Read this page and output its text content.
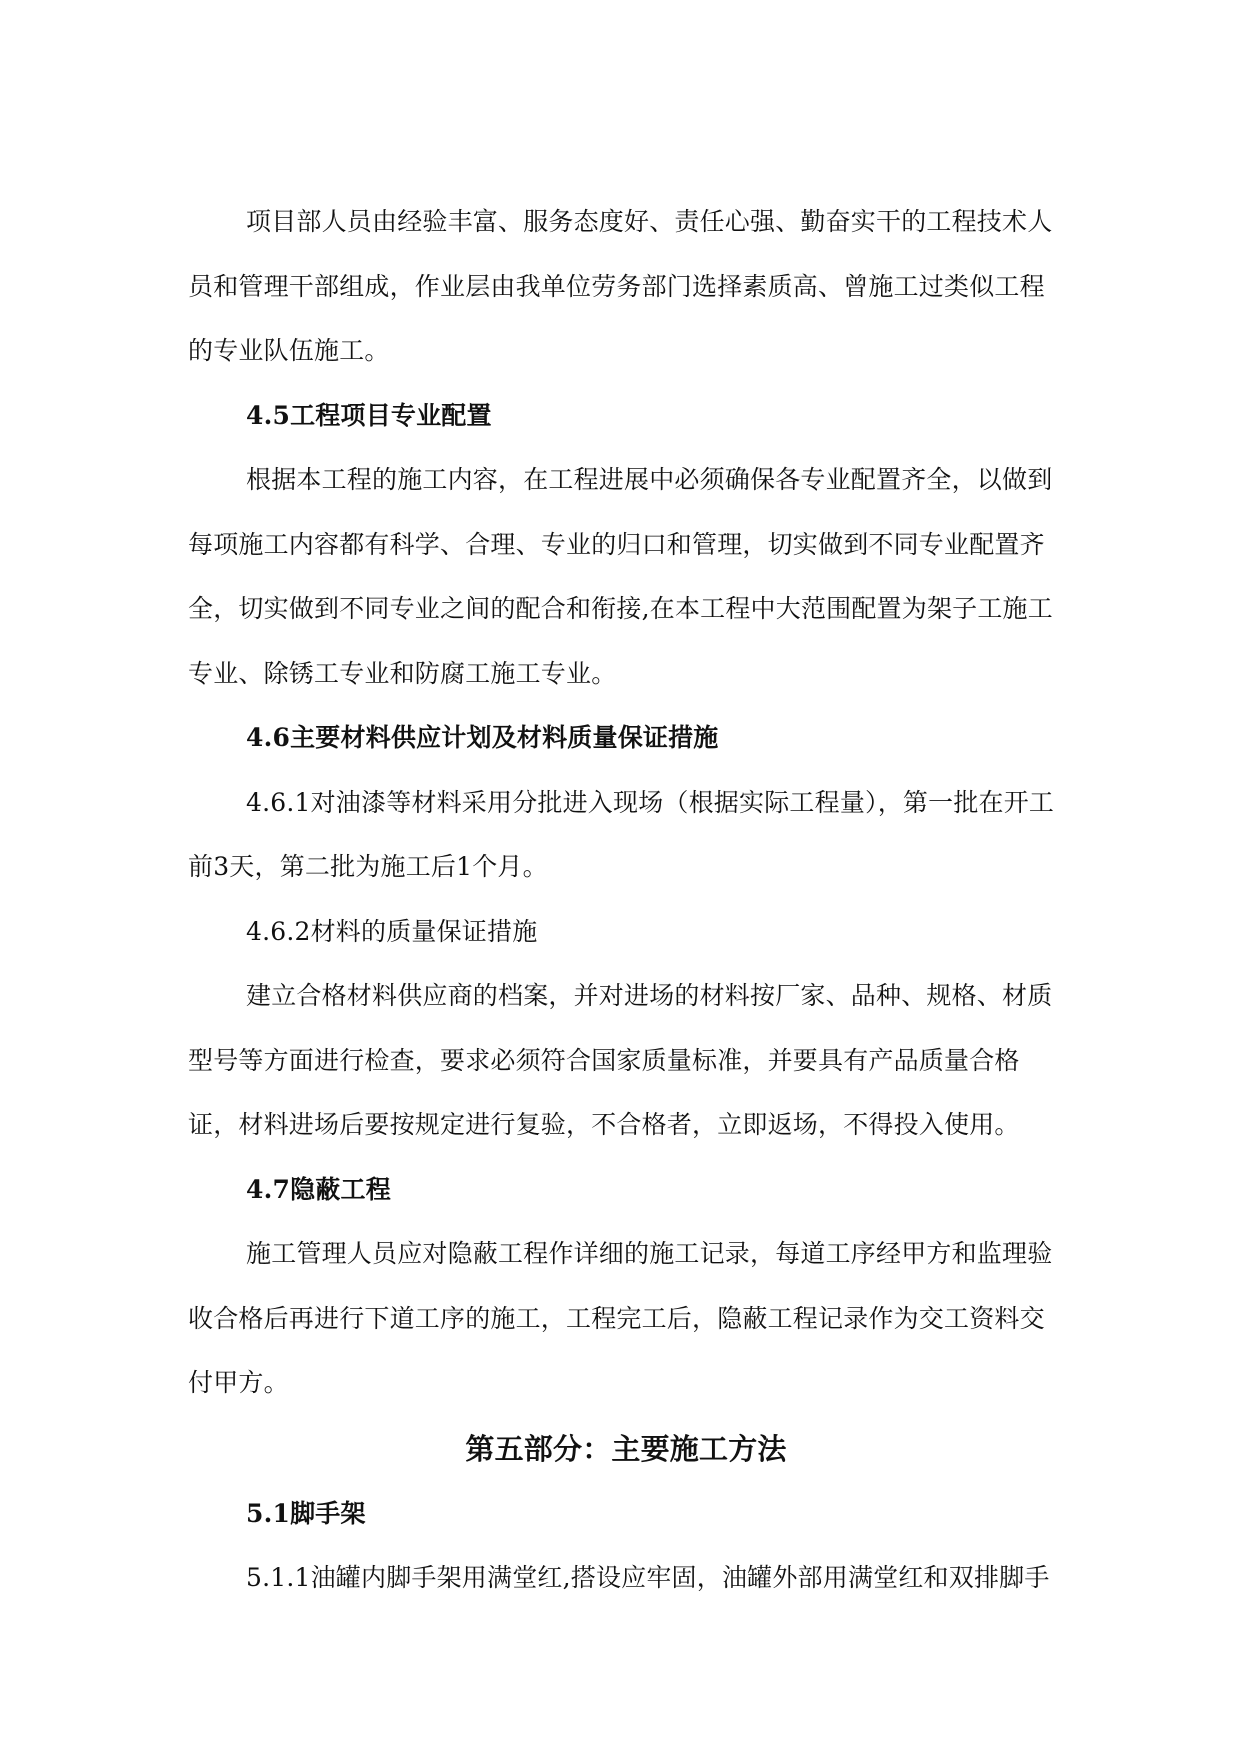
项目部人员由经验丰富、服务态度好、责任心强、勤奋实干的工程技术人员和管理干部组成，作业层由我单位劳务部门选择素质高、曾施工过类似工程的专业队伍施工。

4.5工程项目专业配置

根据本工程的施工内容，在工程进展中必须确保各专业配置齐全，以做到每项施工内容都有科学、合理、专业的归口和管理，切实做到不同专业配置齐全，切实做到不同专业之间的配合和衔接,在本工程中大范围配置为架子工施工专业、除锈工专业和防腐工施工专业。

4.6主要材料供应计划及材料质量保证措施

4.6.1对油漆等材料采用分批进入现场（根据实际工程量），第一批在开工前3天，第二批为施工后1个月。

4.6.2材料的质量保证措施

建立合格材料供应商的档案，并对进场的材料按厂家、品种、规格、材质型号等方面进行检查，要求必须符合国家质量标准，并要具有产品质量合格证，材料进场后要按规定进行复验，不合格者，立即返场，不得投入使用。

4.7隐蔽工程

施工管理人员应对隐蔽工程作详细的施工记录，每道工序经甲方和监理验收合格后再进行下道工序的施工，工程完工后，隐蔽工程记录作为交工资料交付甲方。

第五部分：主要施工方法

5.1脚手架

5.1.1油罐内脚手架用满堂红,搭设应牢固，油罐外部用满堂红和双排脚手
